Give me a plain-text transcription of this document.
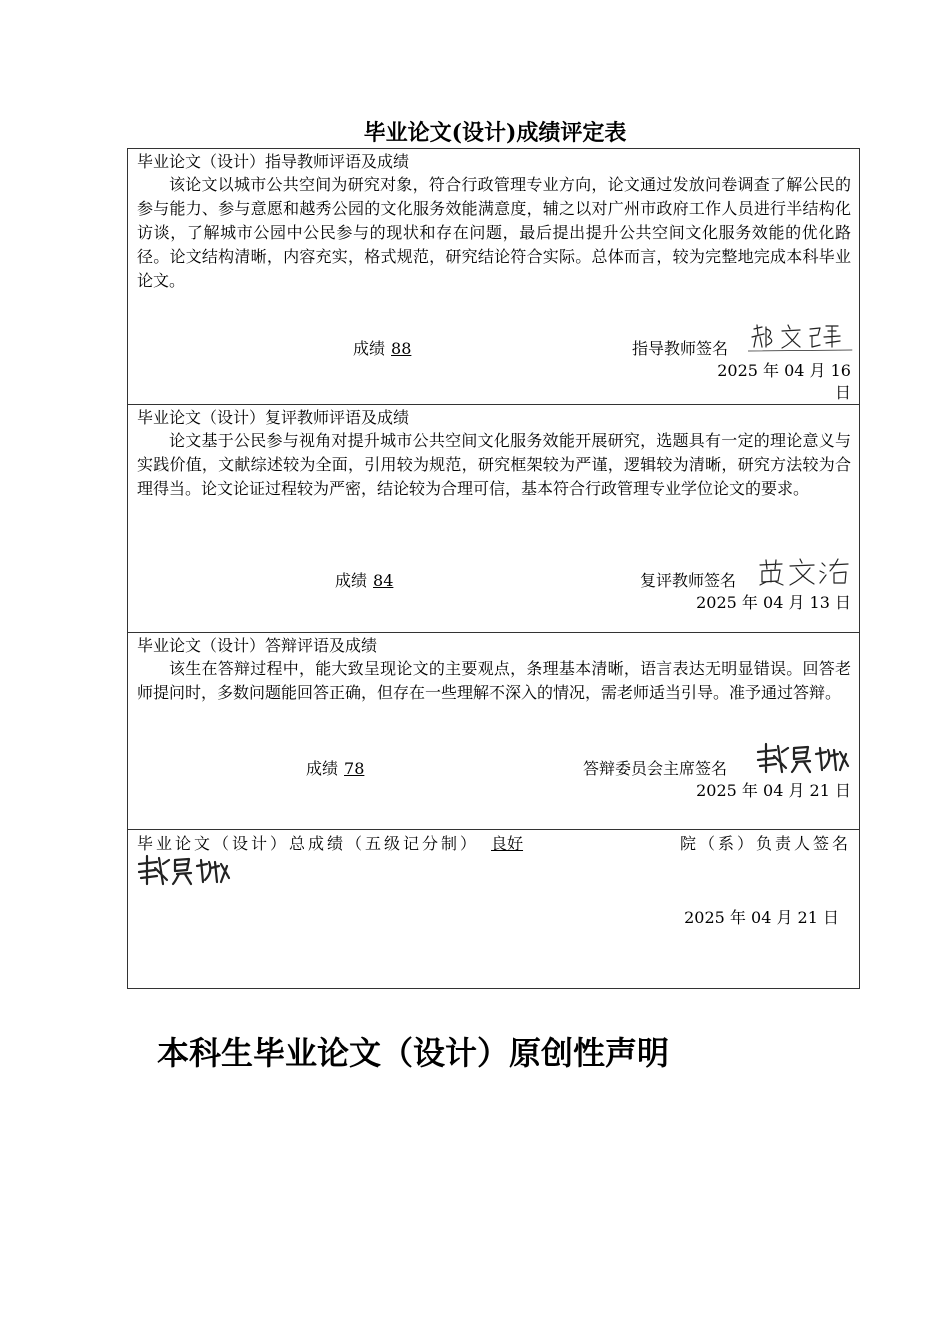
毕业论文(设计)成绩评定表
毕业论文（设计）指导教师评语及成绩
该论文以城市公共空间为研究对象，符合行政管理专业方向，论文通过发放问卷调查了解公民的参与能力、参与意愿和越秀公园的文化服务效能满意度，辅之以对广州市政府工作人员进行半结构化访谈，了解城市公园中公民参与的现状和存在问题，最后提出提升公共空间文化服务效能的优化路径。论文结构清晰，内容充实，格式规范，研究结论符合实际。总体而言，较为完整地完成本科毕业论文。
成绩 88	指导教师签名
2025 年 04 月 16 日
毕业论文（设计）复评教师评语及成绩
论文基于公民参与视角对提升城市公共空间文化服务效能开展研究，选题具有一定的理论意义与实践价值，文献综述较为全面，引用较为规范，研究框架较为严谨，逻辑较为清晰，研究方法较为合理得当。论文论证过程较为严密，结论较为合理可信，基本符合行政管理专业学位论文的要求。
成绩 84	复评教师签名
2025 年 04 月 13 日
毕业论文（设计）答辩评语及成绩
该生在答辩过程中，能大致呈现论文的主要观点，条理基本清晰，语言表达无明显错误。回答老师提问时，多数问题能回答正确，但存在一些理解不深入的情况，需老师适当引导。准予通过答辩。
成绩 78	答辩委员会主席签名
2025 年 04 月 21 日
毕业论文（设计）总成绩（五级记分制） 良好	院（系）负责人签名
2025 年 04 月 21 日
本科生毕业论文（设计）原创性声明
